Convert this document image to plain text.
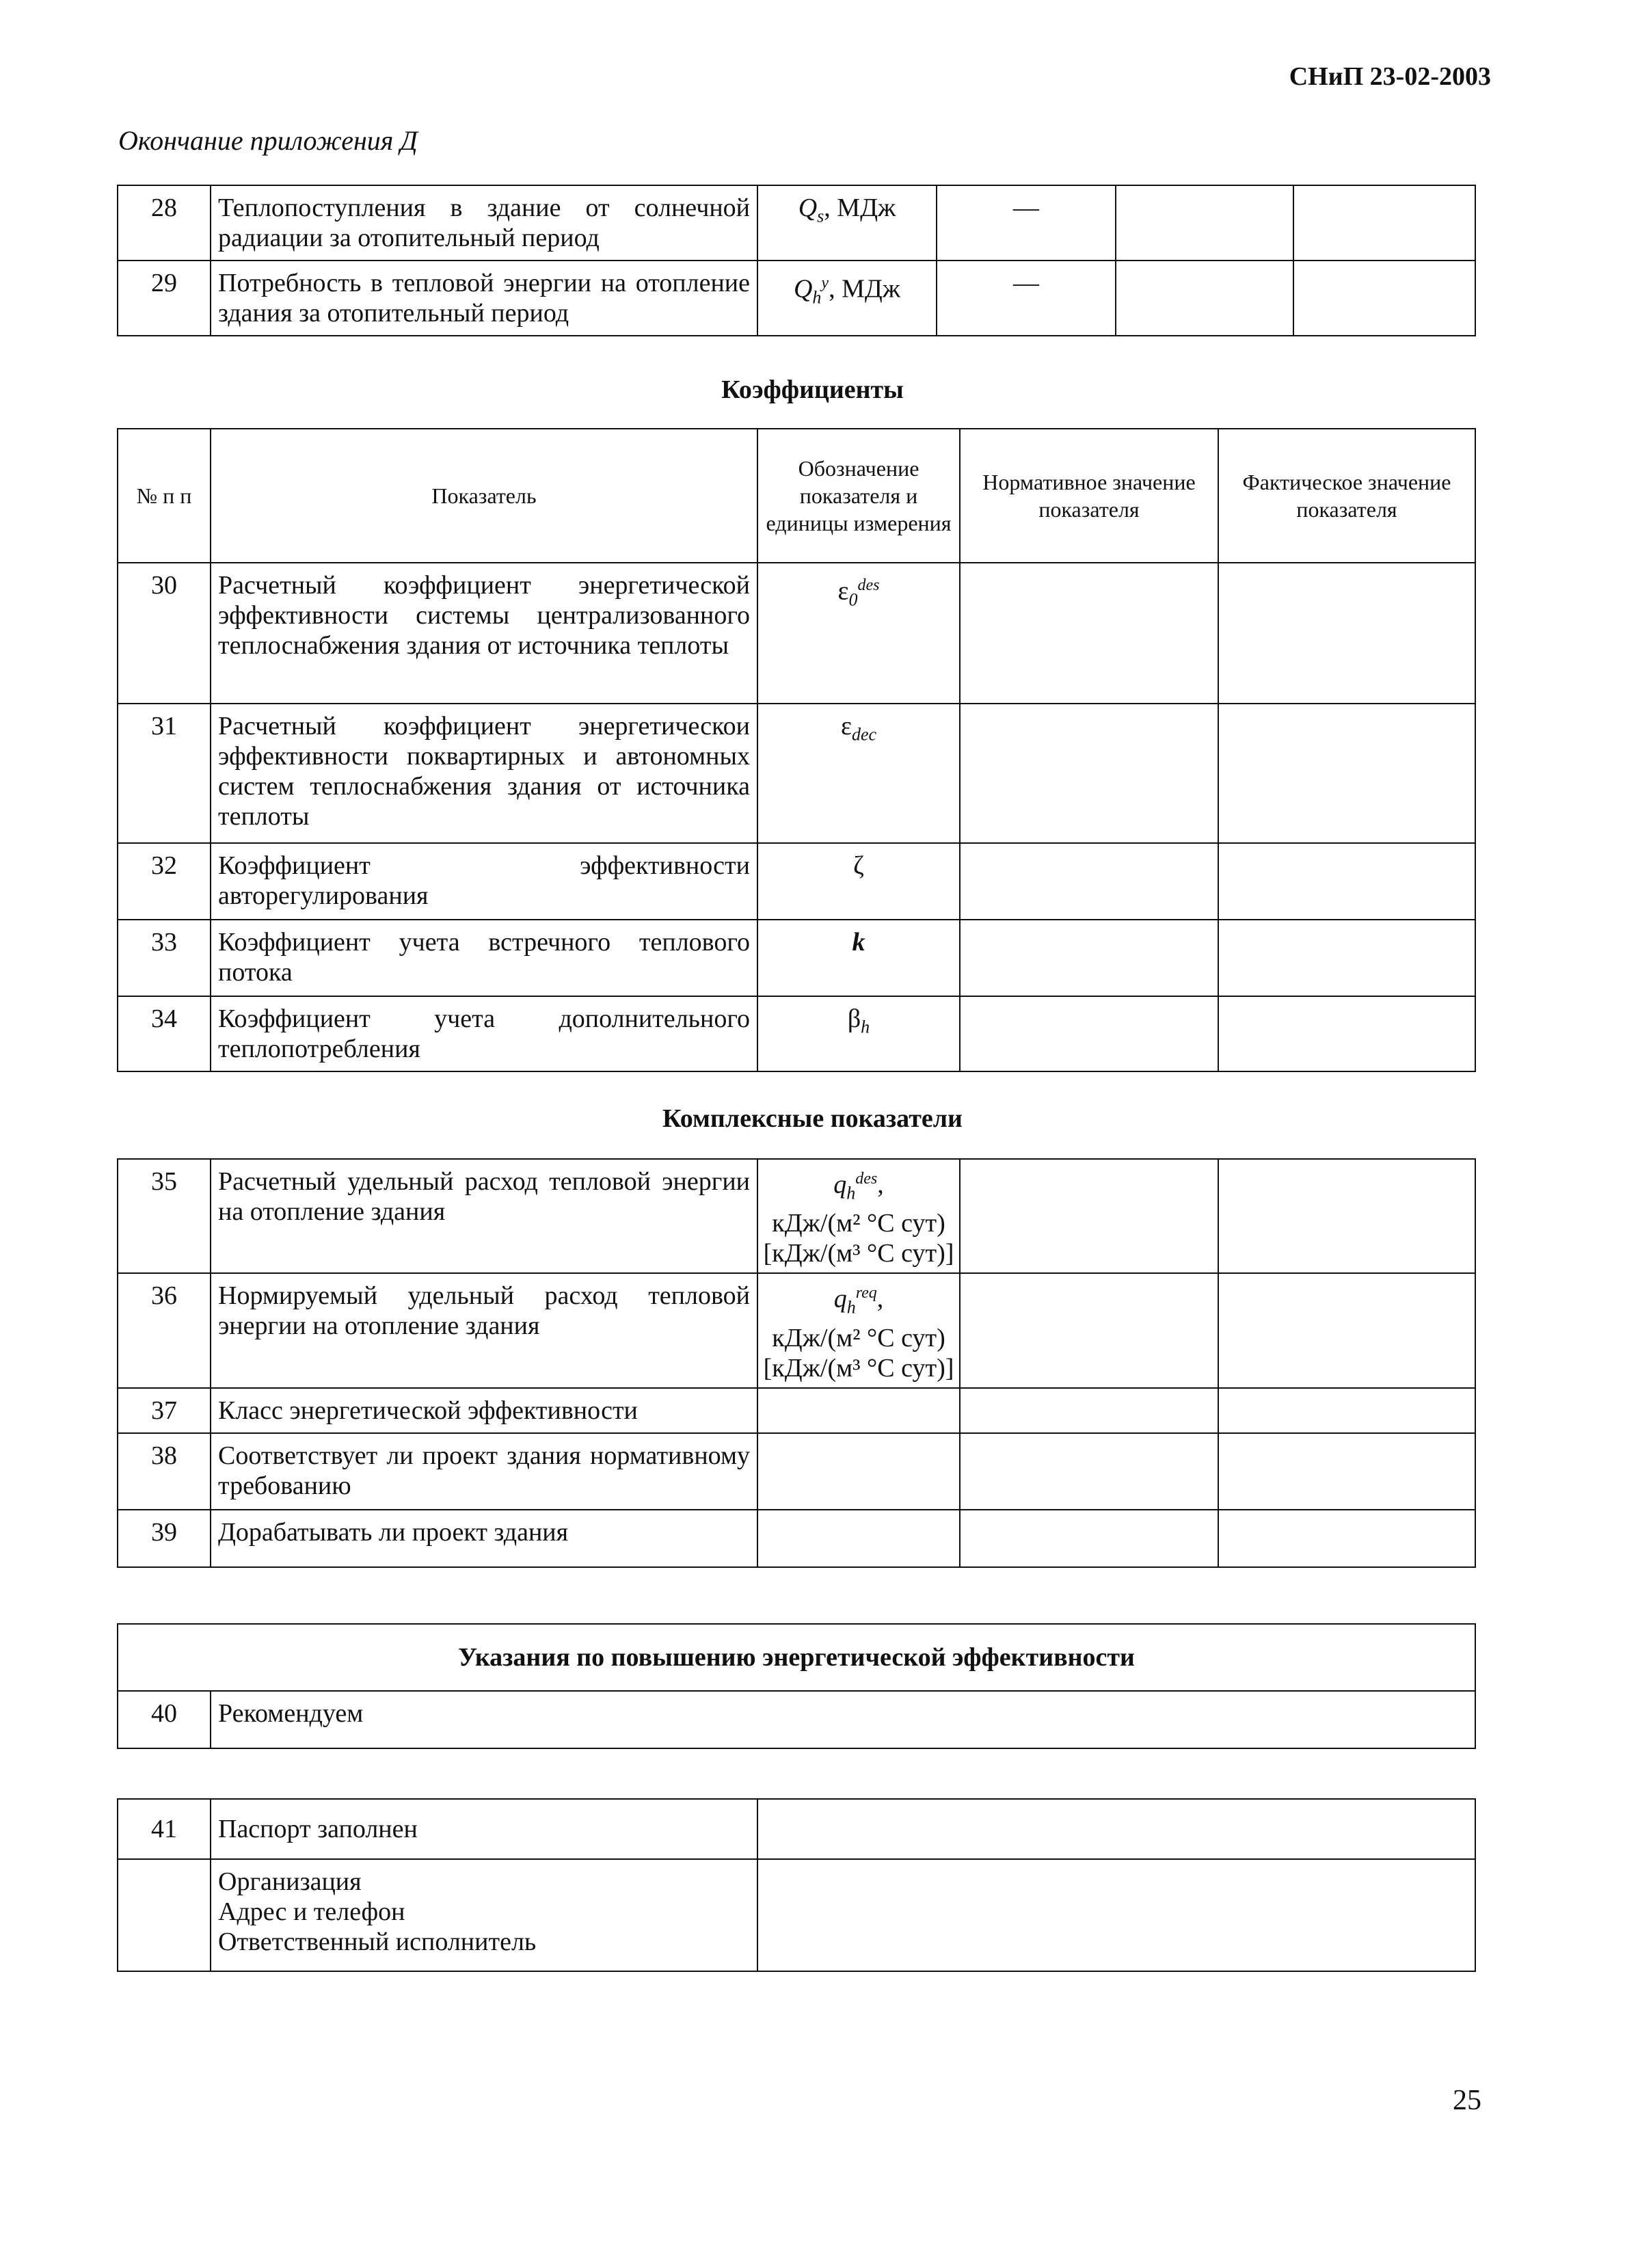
СНиП 23-02-2003
Окончание приложения Д
28	Теплопоступления в здание от солнечной радиации за отопительный период	$Q_s$, МДж	—		
29	Потребность в тепловой энергии на отопление здания за отопительный период	$Q_h^y$, МДж	—		
Коэффициенты
№ п п	Показатель	Обозначение показателя и единицы измерения	Нормативное значение показателя	Фактическое значение показателя
30	Расчетный коэффициент энергетической эффективности системы централизованного теплоснабжения здания от источника теплоты	$\varepsilon_0^{des}$		
31	Расчетный коэффициент энергетическои эффективности поквартирных и автономных систем теплоснабжения здания от источника теплоты	$\varepsilon_{dec}$		
32	Коэффициент эффективности авторегулирования	ζ		
33	Коэффициент учета встречного теплового потока	k		
34	Коэффициент учета дополнительного теплопотребления	$\beta_h$		
Комплексные показатели
35	Расчетный удельный расход тепловой энергии на отопление здания	$q_h^{des}$,
кДж/(м² °С сут)
[кДж/(м³ °С сут)]		

36	Нормируемый удельный расход тепловой энергии на отопление здания	$q_h^{req}$,
кДж/(м² °С сут)
[кДж/(м³ °С сут)]		

37	Класс энергетической эффективности			
38	Соответствует ли проект здания нормативному требованию			
39	Дорабатывать ли проект здания			
Указания по повышению энергетической эффективности
40	Рекомендуем
41	Паспорт заполнен	

	Организация
Адрес и телефон
Ответственный исполнитель	

25
